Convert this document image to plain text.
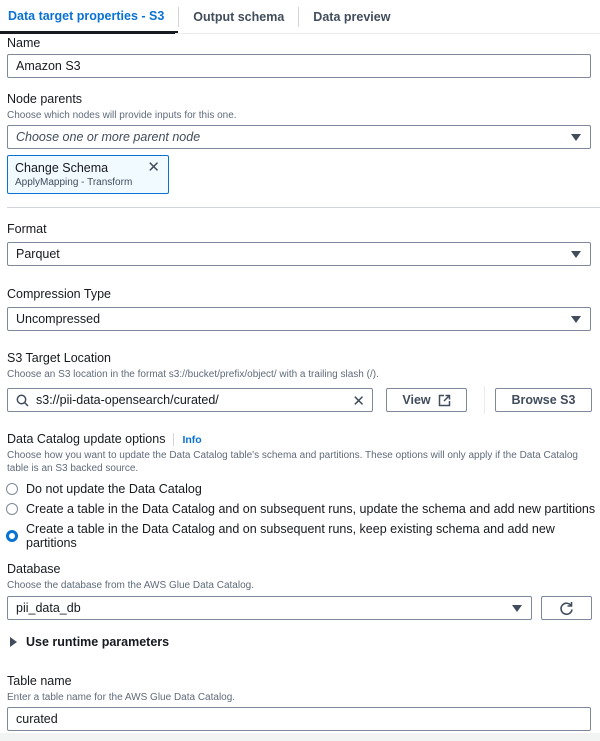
Data target properties - S3	Output schema	Data preview
Name
Amazon S3
Node parents
Choose which nodes will provide inputs for this one.
Choose one or more parent node
Change Schema
ApplyMapping - Transform
✕
Format
Parquet
Compression Type
Uncompressed
S3 Target Location
Choose an S3 location in the format s3://bucket/prefix/object/ with a trailing slash (/).
s3://pii-data-opensearch/curated/	✕	View	Browse S3
Data Catalog update options Info
Choose how you want to update the Data Catalog table's schema and partitions. These options will only apply if the Data Catalog table is an S3 backed source.
Do not update the Data Catalog
Create a table in the Data Catalog and on subsequent runs, update the schema and add new partitions
Create a table in the Data Catalog and on subsequent runs, keep existing schema and add new partitions
Database
Choose the database from the AWS Glue Data Catalog.
pii_data_db
Use runtime parameters
Table name
Enter a table name for the AWS Glue Data Catalog.
curated
